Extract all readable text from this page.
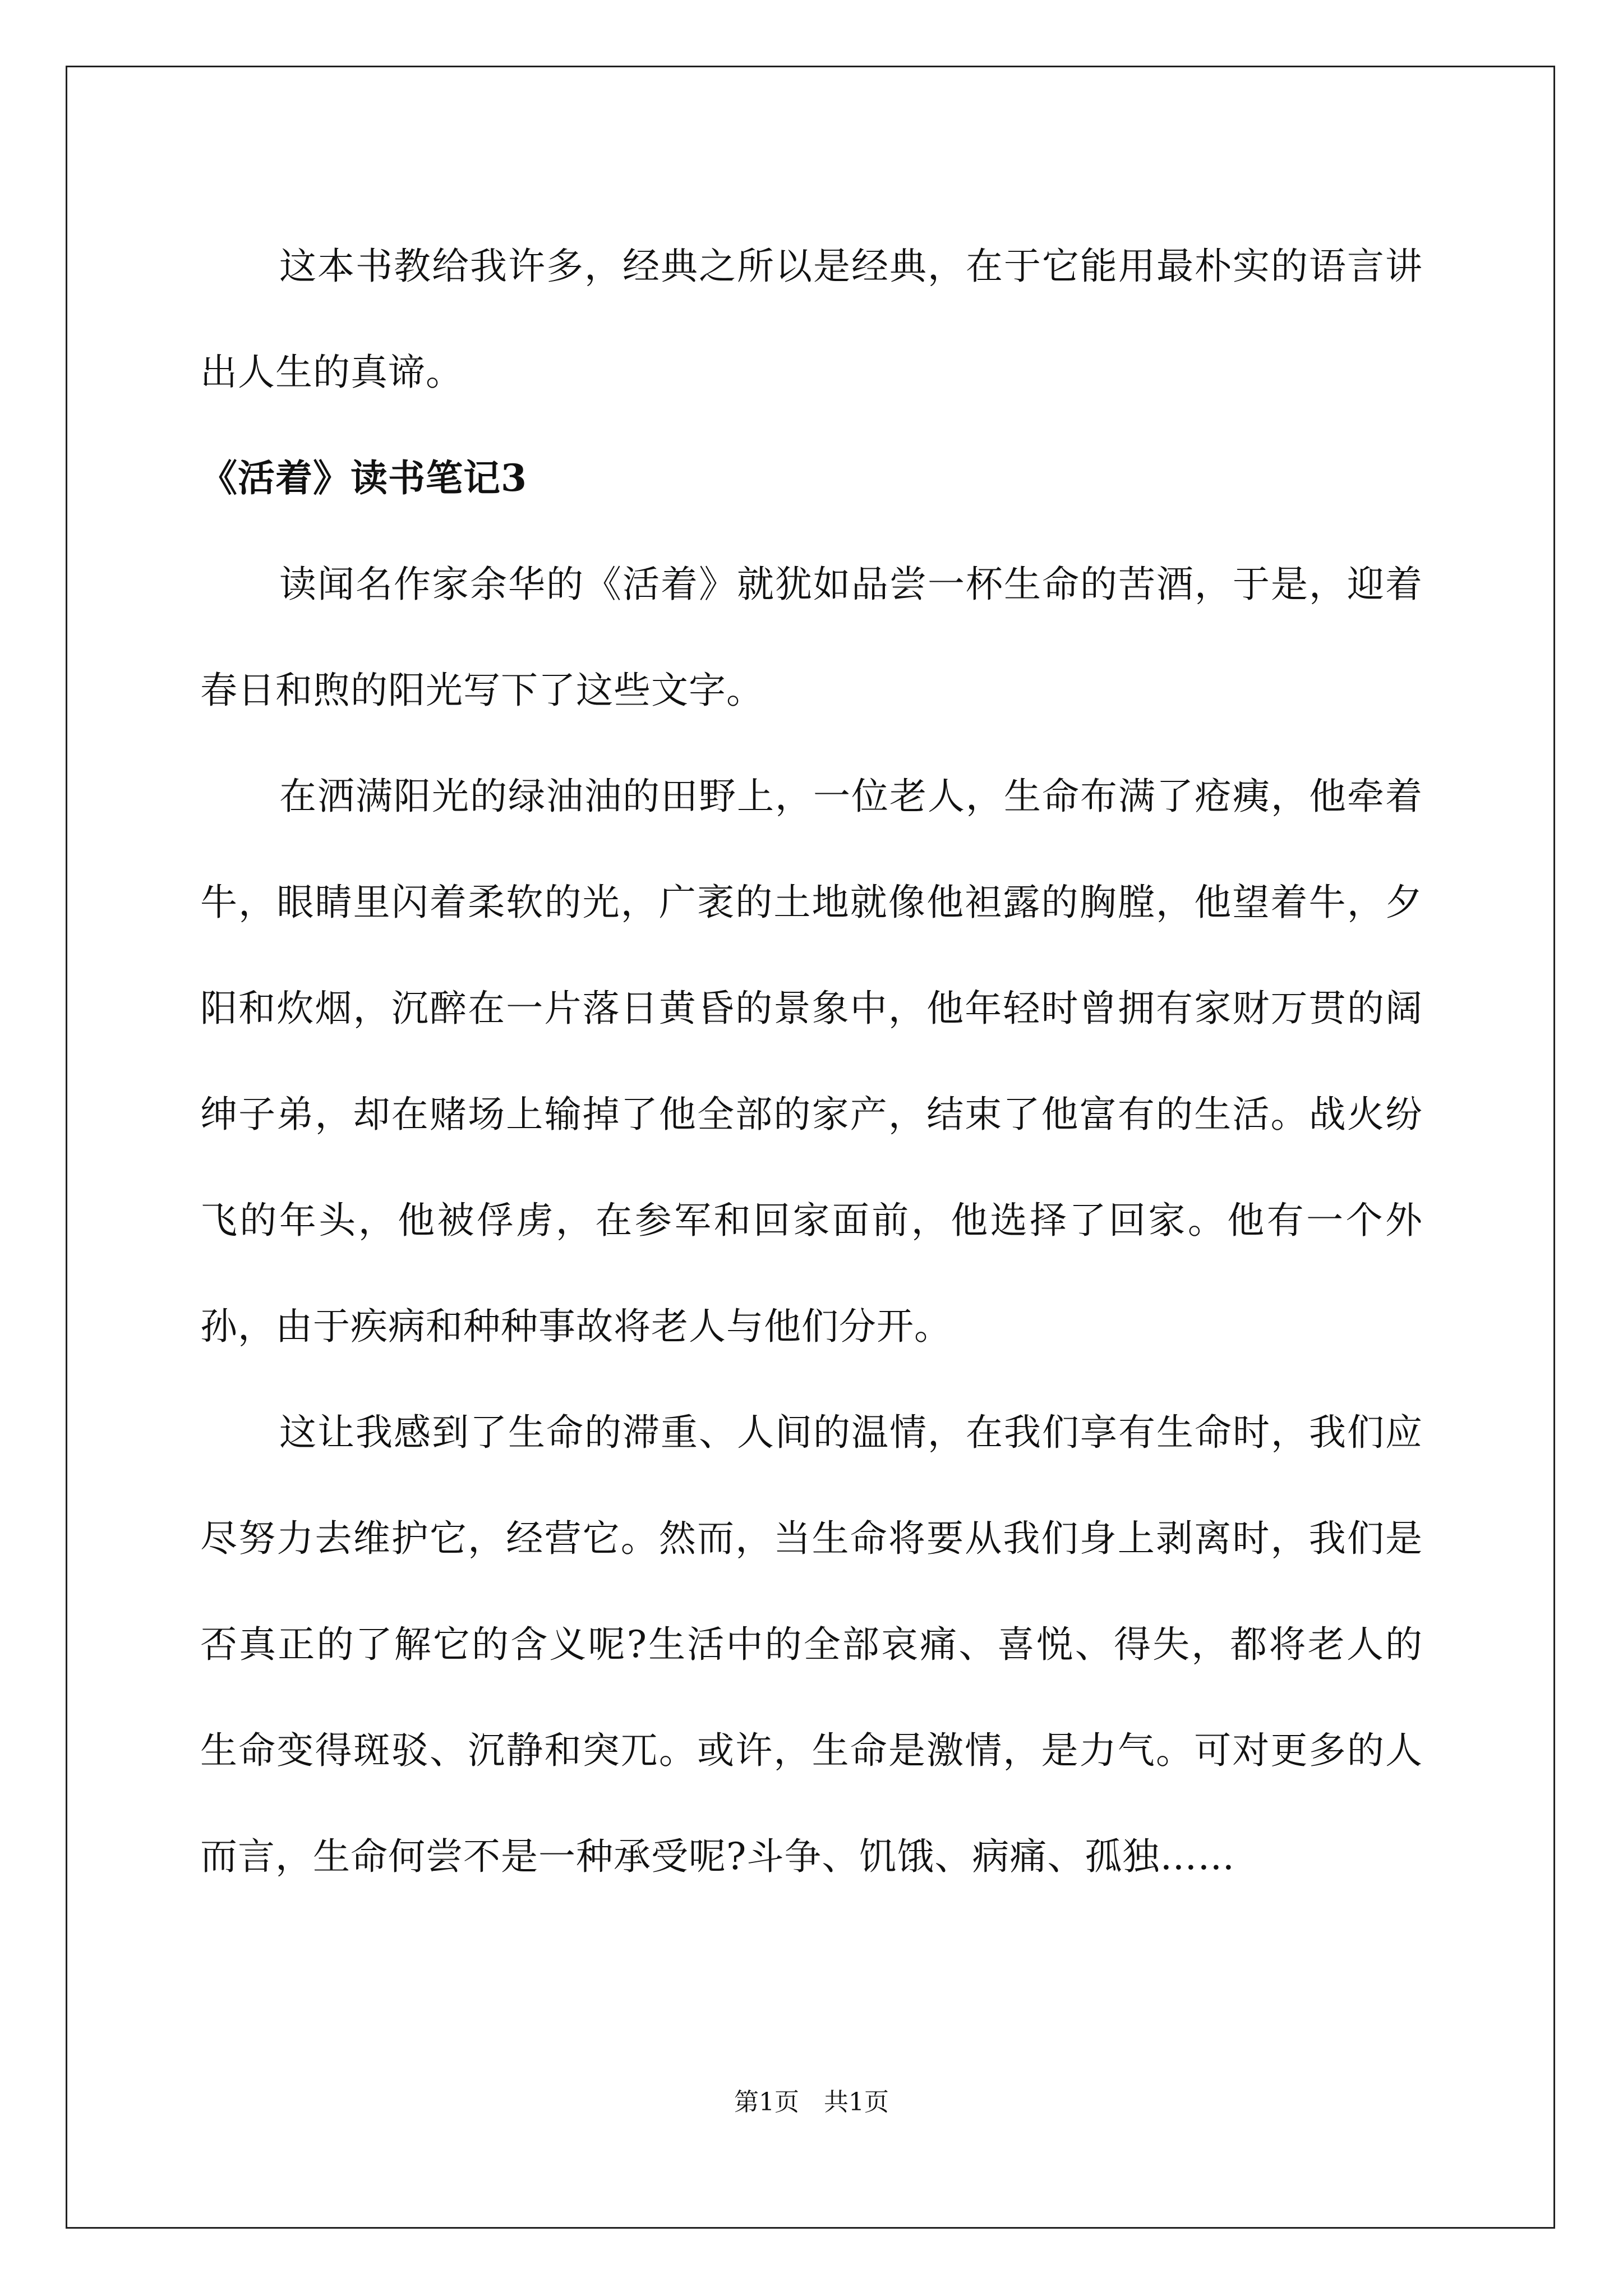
这本书教给我许多，经典之所以是经典，在于它能用最朴实的语言讲出人生的真谛。

《活着》读书笔记3

读闻名作家余华的《活着》就犹如品尝一杯生命的苦酒，于是，迎着春日和煦的阳光写下了这些文字。

在洒满阳光的绿油油的田野上，一位老人，生命布满了疮痍，他牵着牛，眼睛里闪着柔软的光，广袤的土地就像他袒露的胸膛，他望着牛，夕阳和炊烟，沉醉在一片落日黄昏的景象中，他年轻时曾拥有家财万贯的阔绅子弟，却在赌场上输掉了他全部的家产，结束了他富有的生活。战火纷飞的年头，他被俘虏，在参军和回家面前，他选择了回家。他有一个外孙，由于疾病和种种事故将老人与他们分开。

这让我感到了生命的滞重、人间的温情，在我们享有生命时，我们应尽努力去维护它，经营它。然而，当生命将要从我们身上剥离时，我们是否真正的了解它的含义呢?生活中的全部哀痛、喜悦、得失，都将老人的生命变得斑驳、沉静和突兀。或许，生命是激情，是力气。可对更多的人而言，生命何尝不是一种承受呢?斗争、饥饿、病痛、孤独……

第1页　共1页
